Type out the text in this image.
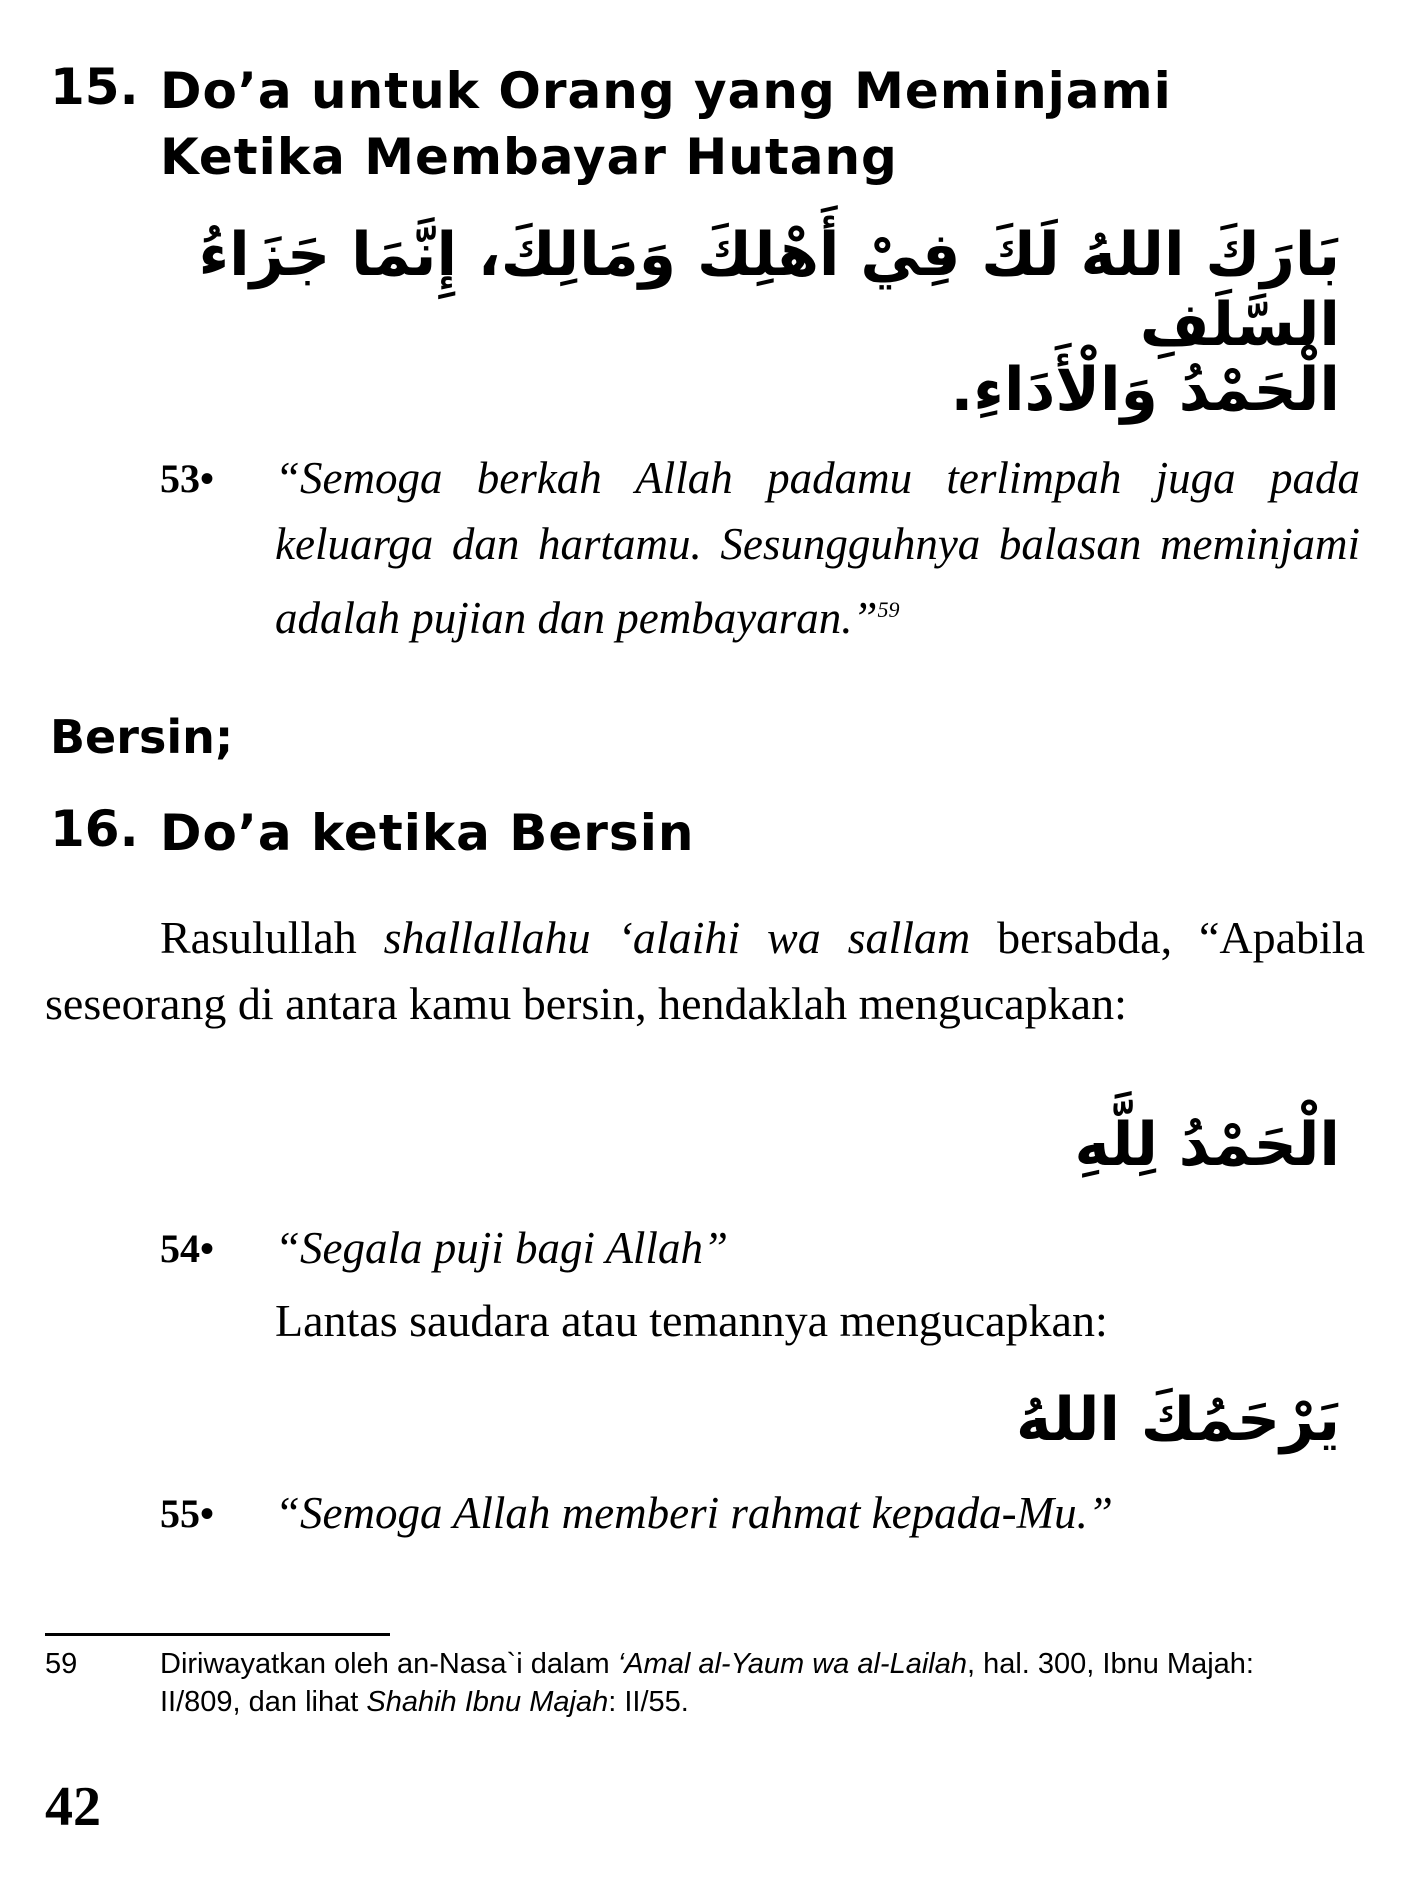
15. Do’a untuk Orang yang Meminjami Ketika Membayar Hutang
بَارَكَ اللهُ لَكَ فِيْ أَهْلِكَ وَمَالِكَ، إِنَّمَا جَزَاءُ السَّلَفِ
الْحَمْدُ وَالْأَدَاءِ.
53• “Semoga berkah Allah padamu terlimpah juga pada keluarga dan hartamu. Sesungguhnya balasan meminjami adalah pujian dan pembayaran.”$^{59}$
Bersin;
16. Do’a ketika Bersin
Rasulullah shallallahu ‘alaihi wa sallam bersabda, “Apabila seseorang di antara kamu bersin, hendaklah mengucapkan:
الْحَمْدُ لِلَّهِ
54• “Segala puji bagi Allah”
Lantas saudara atau temannya mengucapkan:
يَرْحَمُكَ اللهُ
55• “Semoga Allah memberi rahmat kepada-Mu.”
59	Diriwayatkan oleh an-Nasa`i dalam ‘Amal al-Yaum wa al-Lailah, hal. 300, Ibnu Majah: II/809, dan lihat Shahih Ibnu Majah: II/55.
42
